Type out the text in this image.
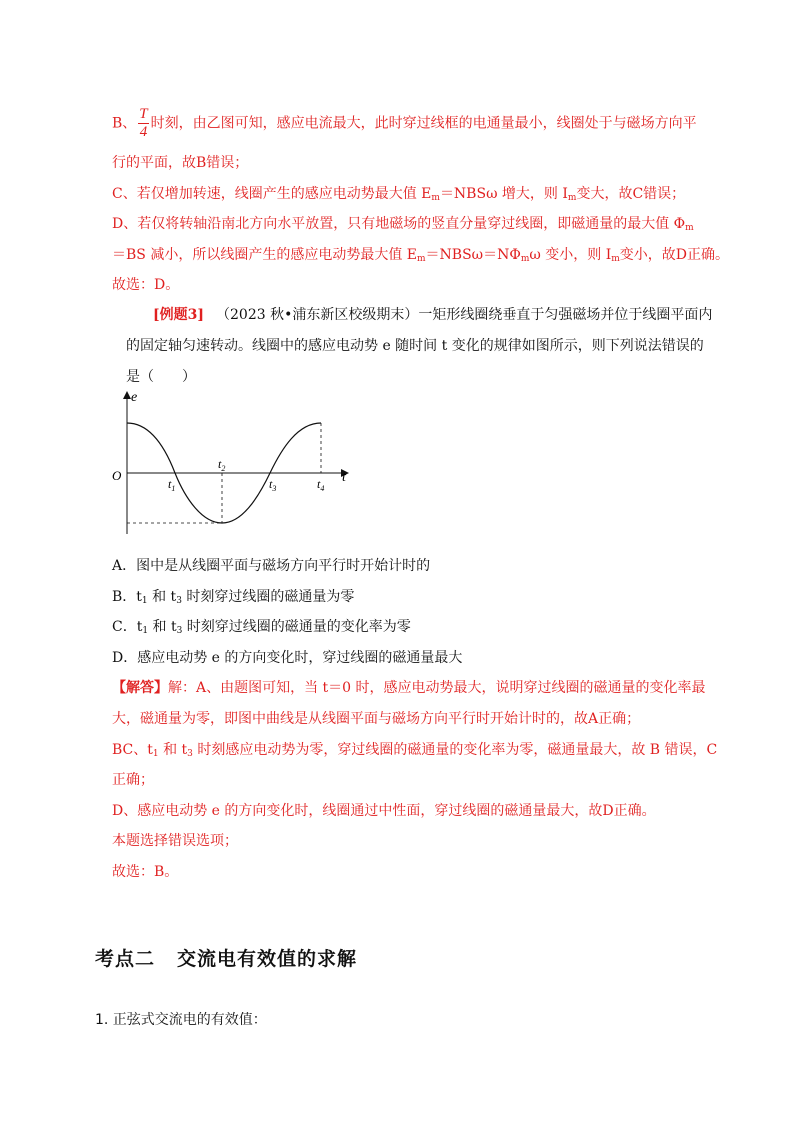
B、 $\frac{T}{4}$ 时刻，由乙图可知，感应电流最大，此时穿过线框的电通量最小，线圈处于与磁场方向平
行的平面，故B错误；
C、若仅增加转速，线圈产生的感应电动势最大值 $E_m=NBS\omega$ 增大，则 $I_m$变大，故C错误；
D、若仅将转轴沿南北方向水平放置，只有地磁场的竖直分量穿过线圈，即磁通量的最大值 $\Phi_m$
＝BS 减小，所以线圈产生的感应电动势最大值 $E_m=NBS\omega=N\Phi_m\omega$ 变小，则 $I_m$变小，故D正确。
故选：D。
[例题3] （2023 秋•浦东新区校级期末）一矩形线圈绕垂直于匀强磁场并位于线圈平面内
的固定轴匀速转动。线圈中的感应电动势 e 随时间 t 变化的规律如图所示，则下列说法错误的
是（　　）
e
t
O
$t_1$
$t_2$
$t_3$	$t_4$
A．图中是从线圈平面与磁场方向平行时开始计时的
B．$t_1$ 和 $t_3$ 时刻穿过线圈的磁通量为零
C．$t_1$ 和 $t_3$ 时刻穿过线圈的磁通量的变化率为零
D．感应电动势 e 的方向变化时，穿过线圈的磁通量最大
【解答】解：A、由题图可知，当 t＝0 时，感应电动势最大，说明穿过线圈的磁通量的变化率最
大，磁通量为零，即图中曲线是从线圈平面与磁场方向平行时开始计时的，故A正确；
BC、$t_1$ 和 $t_3$ 时刻感应电动势为零，穿过线圈的磁通量的变化率为零，磁通量最大，故 B 错误，C
正确；
D、感应电动势 e 的方向变化时，线圈通过中性面，穿过线圈的磁通量最大，故D正确。
本题选择错误选项；
故选：B。
考点二 交流电有效值的求解
1. 正弦式交流电的有效值：
